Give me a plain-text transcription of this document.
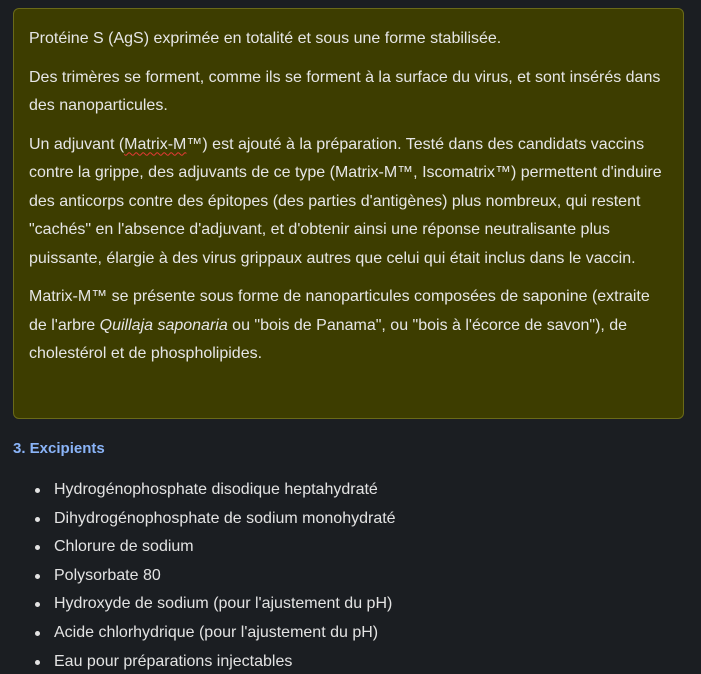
Protéine S (AgS) exprimée en totalité et sous une forme stabilisée.

Des trimères se forment, comme ils se forment à la surface du virus, et sont insérés dans des nanoparticules.

Un adjuvant (Matrix-M™) est ajouté à la préparation. Testé dans des candidats vaccins contre la grippe, des adjuvants de ce type (Matrix-M™, Iscomatrix™) permettent d'induire des anticorps contre des épitopes (des parties d'antigènes) plus nombreux, qui restent "cachés" en l'absence d'adjuvant, et d'obtenir ainsi une réponse neutralisante plus puissante, élargie à des virus grippaux autres que celui qui était inclus dans le vaccin.

Matrix-M™ se présente sous forme de nanoparticules composées de saponine (extraite de l'arbre Quillaja saponaria ou "bois de Panama", ou "bois à l'écorce de savon"), de cholestérol et de phospholipides.

3. Excipients
Hydrogénophosphate disodique heptahydraté
Dihydrogénophosphate de sodium monohydraté
Chlorure de sodium
Polysorbate 80
Hydroxyde de sodium (pour l'ajustement du pH)
Acide chlorhydrique (pour l'ajustement du pH)
Eau pour préparations injectables
